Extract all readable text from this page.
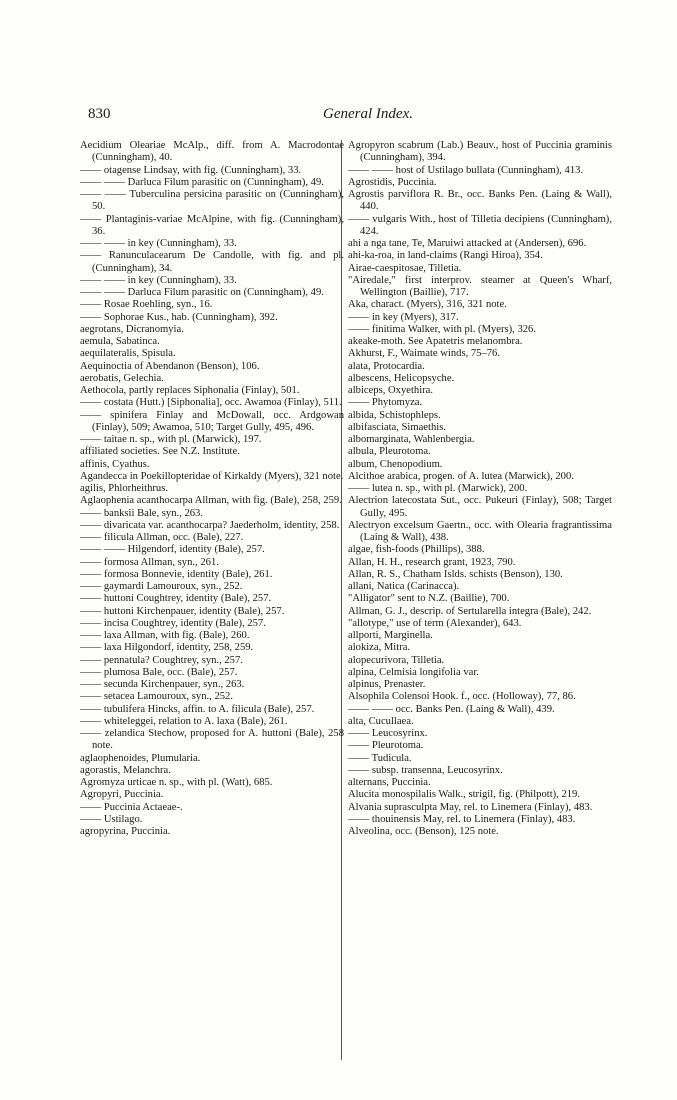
830	General Index.

Aecidium Oleariae McAlp., diff. from A. Macrodontae (Cunningham), 40.

—— otagense Lindsay, with fig. (Cunningham), 33.

—— —— Darluca Filum parasitic on (Cunningham), 49.

—— —— Tuberculina persicina parasitic on (Cunningham), 50.

—— Plantaginis-variae McAlpine, with fig. (Cunningham), 36.

—— —— in key (Cunningham), 33.

—— Ranunculacearum De Candolle, with fig. and pl. (Cunningham), 34.

—— —— in key (Cunningham), 33.

—— —— Darluca Filum parasitic on (Cunningham), 49.

—— Rosae Roehling, syn., 16.

—— Sophorae Kus., hab. (Cunningham), 392.

aegrotans, Dicranomyia.

aemula, Sabatinca.

aequilateralis, Spisula.

Aequinoctia of Abendanon (Benson), 106.

aerobatis, Gelechia.

Aethocola, partly replaces Siphonalia (Finlay), 501.

—— costata (Hutt.) [Siphonalia], occ. Awamoa (Finlay), 511.

—— spinifera Finlay and McDowall, occ. Ardgowan (Finlay), 509; Awamoa, 510; Target Gully, 495, 496.

—— taitae n. sp., with pl. (Marwick), 197.

affiliated societies. See N.Z. Institute.

affinis, Cyathus.

Agandecca in Poekillopteridae of Kirkaldy (Myers), 321 note.

agilis, Phlorheithrus.

Aglaophenia acanthocarpa Allman, with fig. (Bale), 258, 259.

—— banksii Bale, syn., 263.

—— divaricata var. acanthocarpa? Jaederholm, identity, 258.

—— filicula Allman, occ. (Bale), 227.

—— —— Hilgendorf, identity (Bale), 257.

—— formosa Allman, syn., 261.

—— formosa Bonnevie, identity (Bale), 261.

—— gaymardi Lamouroux, syn., 252.

—— huttoni Coughtrey, identity (Bale), 257.

—— huttoni Kirchenpauer, identity (Bale), 257.

—— incisa Coughtrey, identity (Bale), 257.

—— laxa Allman, with fig. (Bale), 260.

—— laxa Hilgondorf, identity, 258, 259.

—— pennatula? Coughtrey, syn., 257.

—— plumosa Bale, occ. (Bale), 257.

—— secunda Kirchenpauer, syn., 263.

—— setacea Lamouroux, syn., 252.

—— tubulifera Hincks, affin. to A. filicula (Bale), 257.

—— whiteleggei, relation to A. laxa (Bale), 261.

—— zelandica Stechow, proposed for A. huttoni (Bale), 258 note.

aglaophenoides, Plumularia.

agorastis, Melanchra.

Agromyza urticae n. sp., with pl. (Watt), 685.

Agropyri, Puccinia.

—— Puccinia Actaeae-.

—— Ustilago.

agropyrina, Puccinia.

Agropyron scabrum (Lab.) Beauv., host of Puccinia graminis (Cunningham), 394.

—— —— host of Ustilago bullata (Cunningham), 413.

Agrostidis, Puccinia.

Agrostis parviflora R. Br., occ. Banks Pen. (Laing & Wall), 440.

—— vulgaris With., host of Tilletia decipiens (Cunningham), 424.

ahi a nga tane, Te, Maruiwi attacked at (Andersen), 696.

ahi-ka-roa, in land-claims (Rangi Hiroa), 354.

Airae-caespitosae, Tilletia.

"Airedale," first interprov. steamer at Queen's Wharf, Wellington (Baillie), 717.

Aka, charact. (Myers), 316, 321 note.

—— in key (Myers), 317.

—— finitima Walker, with pl. (Myers), 326.

akeake-moth. See Apatetris melanombra.

Akhurst, F., Waimate winds, 75–76.

alata, Protocardia.

albescens, Helicopsyche.

albiceps, Oxyethira.

—— Phytomyza.

albida, Schistophleps.

albifasciata, Simaethis.

albomarginata, Wahlenbergia.

albula, Pleurotoma.

album, Chenopodium.

Alcithoe arabica, progen. of A. lutea (Marwick), 200.

—— lutea n. sp., with pl. (Marwick), 200.

Alectrion latecostata Sut., occ. Pukeuri (Finlay), 508; Target Gully, 495.

Alectryon excelsum Gaertn., occ. with Olearia fragrantissima (Laing & Wall), 438.

algae, fish-foods (Phillips), 388.

Allan, H. H., research grant, 1923, 790.

Allan, R. S., Chatham Islds. schists (Benson), 130.

allani, Natica (Carinacca).

"Alligator" sent to N.Z. (Baillie), 700.

Allman, G. J., descrip. of Sertularella integra (Bale), 242.

"allotype," use of term (Alexander), 643.

allporti, Marginella.

alokiza, Mitra.

alopecurivora, Tilletia.

alpina, Celmisia longifolia var.

alpinus, Prenaster.

Alsophila Colensoi Hook. f., occ. (Holloway), 77, 86.

—— —— occ. Banks Pen. (Laing & Wall), 439.

alta, Cucullaea.

—— Leucosyrinx.

—— Pleurotoma.

—— Tudicula.

—— subsp. transenna, Leucosyrinx.

alternans, Puccinia.

Alucita monospilalis Walk., strigil, fig. (Philpott), 219.

Alvania suprasculpta May, rel. to Linemera (Finlay), 483.

—— thouinensis May, rel. to Linemera (Finlay), 483.

Alveolina, occ. (Benson), 125 note.
